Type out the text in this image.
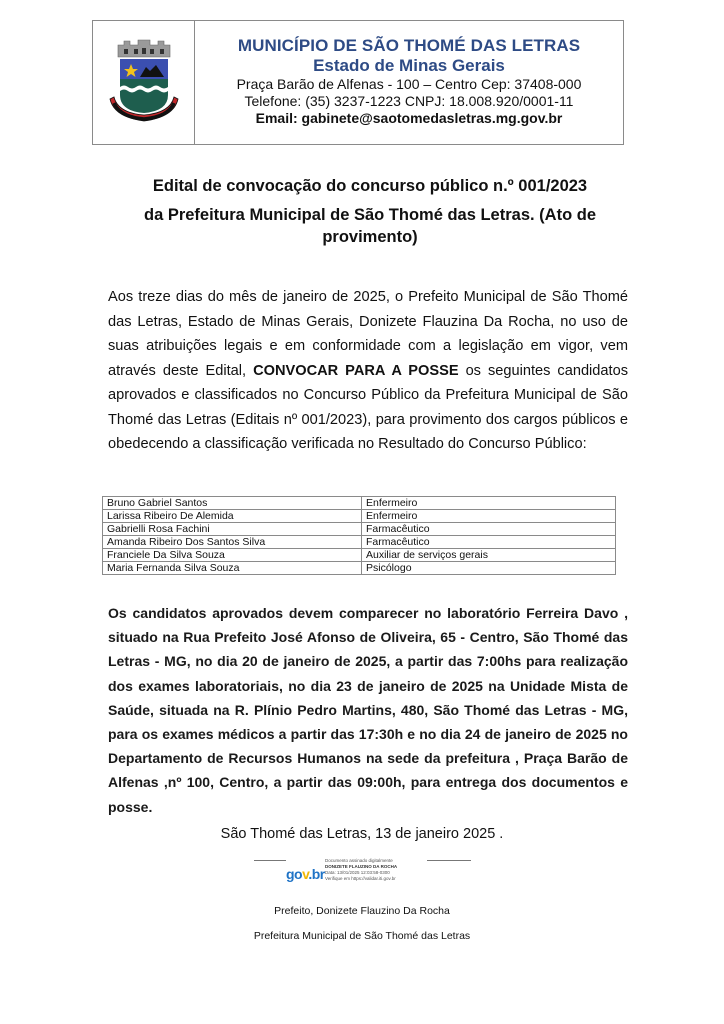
MUNICÍPIO DE SÃO THOMÉ DAS LETRAS
Estado de Minas Gerais
Praça Barão de Alfenas - 100 – Centro Cep: 37408-000
Telefone: (35) 3237-1223 CNPJ: 18.008.920/0001-11
Email: gabinete@saotomedasletras.mg.gov.br
Edital de convocação do concurso público n.º 001/2023
da Prefeitura Municipal de São Thomé das Letras. (Ato de provimento)
Aos treze dias do mês de janeiro de 2025, o Prefeito Municipal de São Thomé das Letras, Estado de Minas Gerais, Donizete Flauzina Da Rocha, no uso de suas atribuições legais e em conformidade com a legislação em vigor, vem através deste Edital, CONVOCAR PARA A POSSE os seguintes candidatos aprovados e classificados no Concurso Público da Prefeitura Municipal de São Thomé das Letras (Editais nº 001/2023), para provimento dos cargos públicos e obedecendo a classificação verificada no Resultado do Concurso Público:
Bruno Gabriel Santos	Enfermeiro
Larissa Ribeiro De Alemida	Enfermeiro
Gabrielli Rosa Fachini	Farmacêutico
Amanda Ribeiro Dos Santos Silva	Farmacêutico
Franciele Da Silva Souza	Auxiliar de serviços gerais
Maria Fernanda Silva Souza	Psicólogo
Os candidatos aprovados devem comparecer no laboratório Ferreira Davo , situado na Rua Prefeito José Afonso de Oliveira, 65 - Centro, São Thomé das Letras - MG, no dia 20 de janeiro de 2025, a partir das 7:00hs para realização dos exames laboratoriais, no dia 23 de janeiro de 2025 na Unidade Mista de Saúde, situada na R. Plínio Pedro Martins, 480, São Thomé das Letras - MG, para os exames médicos a partir das 17:30h e no dia 24 de janeiro de 2025 no Departamento de Recursos Humanos na sede da prefeitura , Praça Barão de Alfenas ,nº 100, Centro, a partir das 09:00h, para entrega dos documentos e posse.
São Thomé das Letras, 13 de janeiro 2025 .
gov.br
Documento assinado digitalmente
DONIZETE FLAUZINO DA ROCHA
Data: 13/01/2025 12:03:58-0300
Verifique em https://validar.iti.gov.br
Prefeito, Donizete Flauzino Da Rocha
Prefeitura Municipal de São Thomé das Letras
